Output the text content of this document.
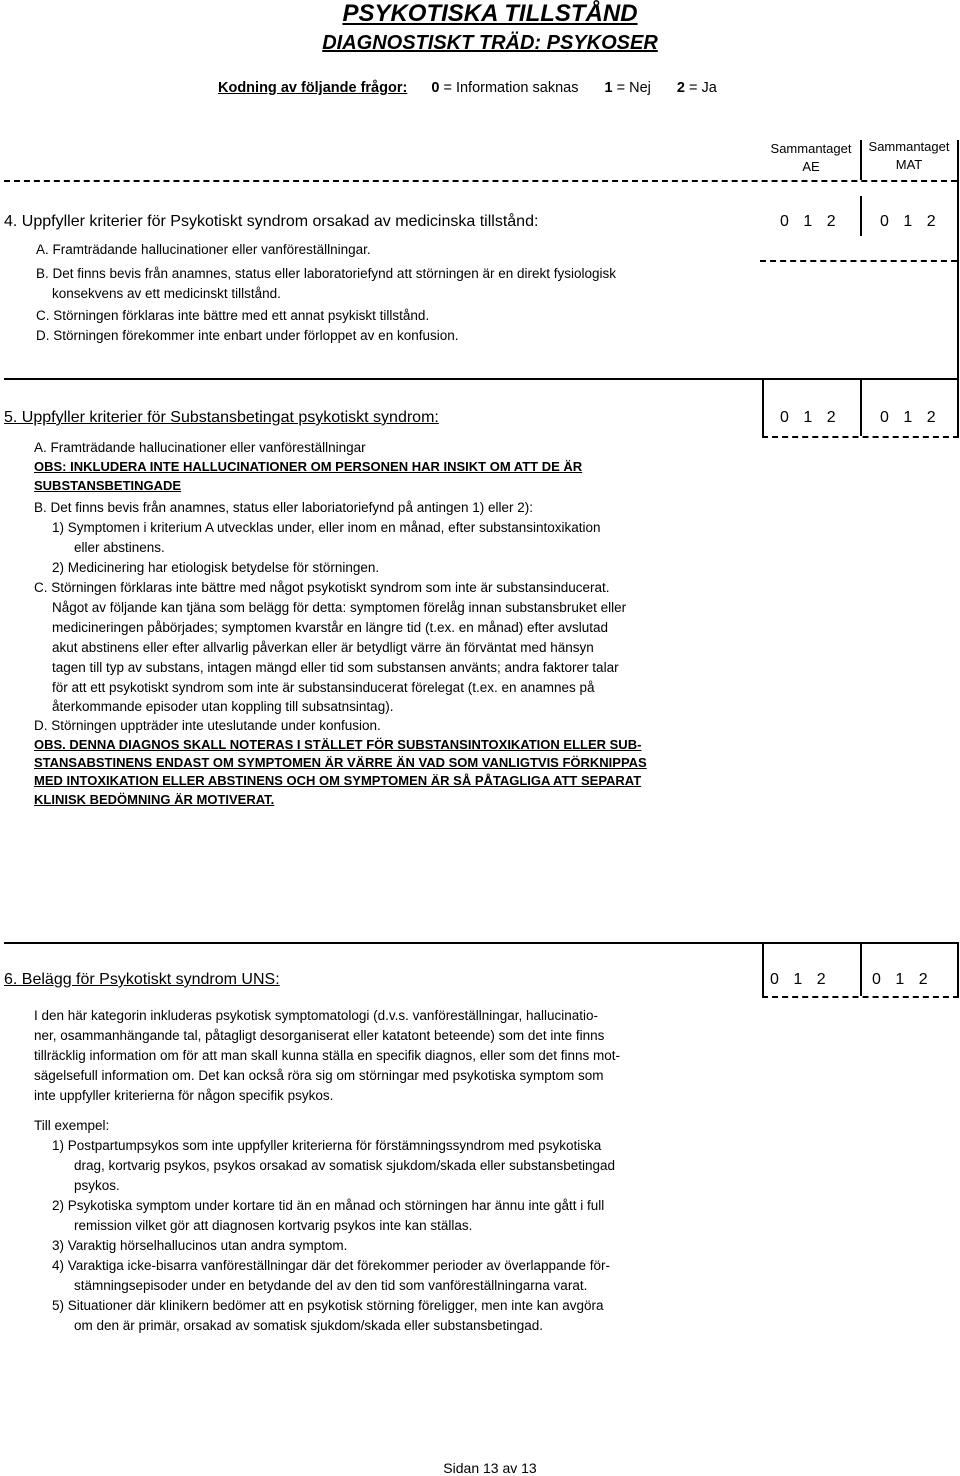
PSYKOTISKA TILLSTÅND
DIAGNOSTISKT TRÄD: PSYKOSER
Kodning av följande frågor: 0 = Information saknas 1 = Nej 2 = Ja
Sammantaget
AE
Sammantaget
MAT
4. Uppfyller kriterier för Psykotiskt syndrom orsakad av medicinska tillstånd:	0 1 2	0 1 2
A. Framträdande hallucinationer eller vanföreställningar.
B. Det finns bevis från anamnes, status eller laboratoriefynd att störningen är en direkt fysiologisk
konsekvens av ett medicinskt tillstånd.
C. Störningen förklaras inte bättre med ett annat psykiskt tillstånd.
D. Störningen förekommer inte enbart under förloppet av en konfusion.
5. Uppfyller kriterier för Substansbetingat psykotiskt syndrom:	0 1 2	0 1 2
A. Framträdande hallucinationer eller vanföreställningar
OBS: INKLUDERA INTE HALLUCINATIONER OM PERSONEN HAR INSIKT OM ATT DE ÄR
SUBSTANSBETINGADE
B. Det finns bevis från anamnes, status eller laboriatoriefynd på antingen 1) eller 2):
1) Symptomen i kriterium A utvecklas under, eller inom en månad, efter substansintoxikation
eller abstinens.
2) Medicinering har etiologisk betydelse för störningen.
C. Störningen förklaras inte bättre med något psykotiskt syndrom som inte är substansinducerat.
Något av följande kan tjäna som belägg för detta: symptomen förelåg innan substansbruket eller
medicineringen påbörjades; symptomen kvarstår en längre tid (t.ex. en månad) efter avslutad
akut abstinens eller efter allvarlig påverkan eller är betydligt värre än förväntat med hänsyn
tagen till typ av substans, intagen mängd eller tid som substansen använts; andra faktorer talar
för att ett psykotiskt syndrom som inte är substansinducerat förelegat (t.ex. en anamnes på
återkommande episoder utan koppling till subsatnsintag).
D. Störningen uppträder inte uteslutande under konfusion.
OBS. DENNA DIAGNOS SKALL NOTERAS I STÄLLET FÖR SUBSTANSINTOXIKATION ELLER SUB-
STANSABSTINENS ENDAST OM SYMPTOMEN ÄR VÄRRE ÄN VAD SOM VANLIGTVIS FÖRKNIPPAS
MED INTOXIKATION ELLER ABSTINENS OCH OM SYMPTOMEN ÄR SÅ PÅTAGLIGA ATT SEPARAT
KLINISK BEDÖMNING ÄR MOTIVERAT.
6. Belägg för Psykotiskt syndrom UNS:	0 1 2	0 1 2
I den här kategorin inkluderas psykotisk symptomatologi (d.v.s. vanföreställningar, hallucinatio-
ner, osammanhängande tal, påtagligt desorganiserat eller katatont beteende) som det inte finns
tillräcklig information om för att man skall kunna ställa en specifik diagnos, eller som det finns mot-
sägelsefull information om. Det kan också röra sig om störningar med psykotiska symptom som
inte uppfyller kriterierna för någon specifik psykos.
Till exempel:
1) Postpartumpsykos som inte uppfyller kriterierna för förstämningssyndrom med psykotiska
drag, kortvarig psykos, psykos orsakad av somatisk sjukdom/skada eller substansbetingad
psykos.
2) Psykotiska symptom under kortare tid än en månad och störningen har ännu inte gått i full
remission vilket gör att diagnosen kortvarig psykos inte kan ställas.
3) Varaktig hörselhallucinos utan andra symptom.
4) Varaktiga icke-bisarra vanföreställningar där det förekommer perioder av överlappande för-
stämningsepisoder under en betydande del av den tid som vanföreställningarna varat.
5) Situationer där klinikern bedömer att en psykotisk störning föreligger, men inte kan avgöra
om den är primär, orsakad av somatisk sjukdom/skada eller substansbetingad.
Sidan 13 av 13
